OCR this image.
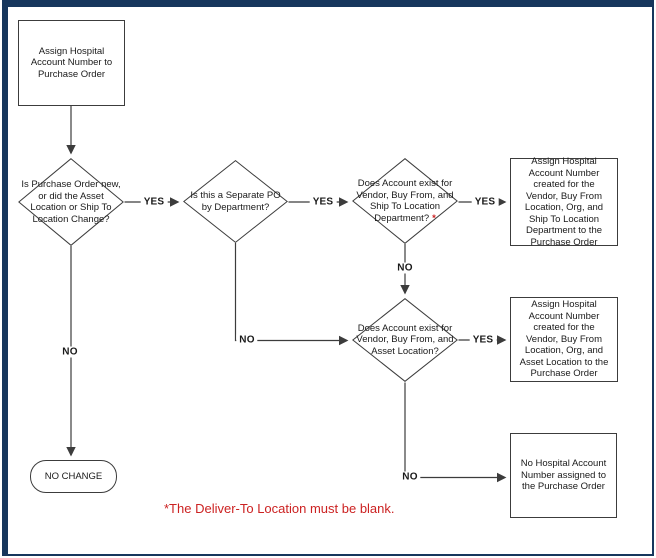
Assign Hospital Account Number to Purchase Order
Is Purchase Order new, or did the Asset Location or Ship To Location Change?
Is this a Separate PO by Department?
Does Account exist for Vendor, Buy From, and Ship To Location Department? *
Does Account exist for Vendor, Buy From, and Asset Location?
Assign Hospital Account Number created for the Vendor, Buy From Location, Org, and Ship To Location Department to the Purchase Order
Assign Hospital Account Number created for the Vendor, Buy From Location, Org, and Asset Location to the Purchase Order
No Hospital Account Number assigned to the Purchase Order
NO CHANGE
YES	YES	YES
YES
NO
NO
NO
NO
*The Deliver-To Location must be blank.
